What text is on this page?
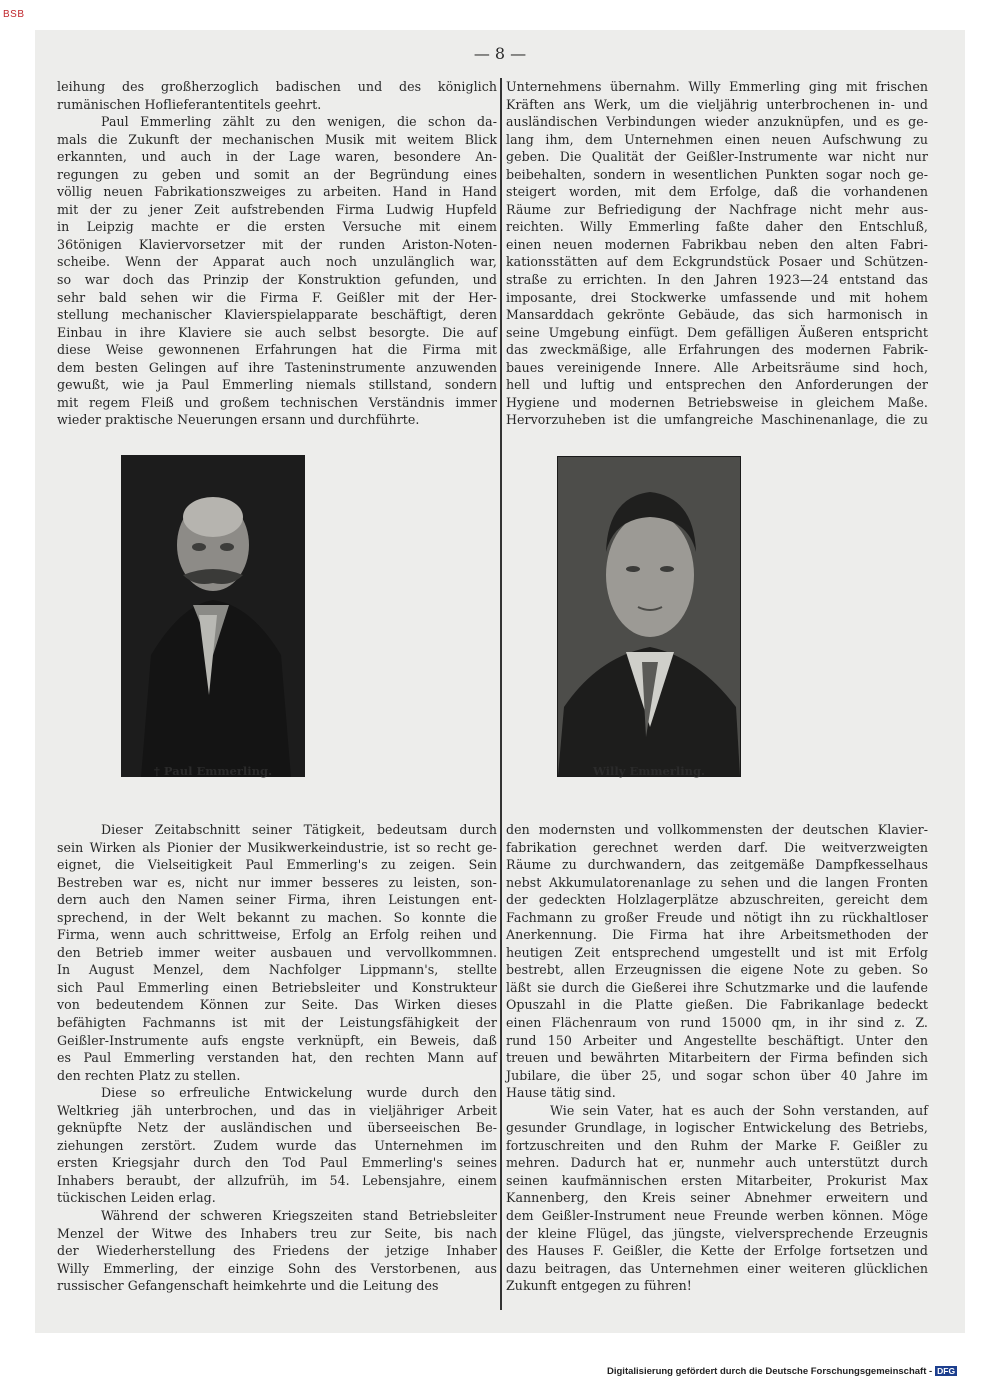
BSB
— 8 —
leihung des großherzoglich badischen und des königlich
rumänischen Hoflieferantentitels geehrt.
Paul Emmerling zählt zu den wenigen, die schon da-
mals die Zukunft der mechanischen Musik mit weitem Blick
erkannten, und auch in der Lage waren, besondere An-
regungen zu geben und somit an der Begründung eines
völlig neuen Fabrikationszweiges zu arbeiten. Hand in Hand
mit der zu jener Zeit aufstrebenden Firma Ludwig Hupfeld
in Leipzig machte er die ersten Versuche mit einem
36tönigen Klaviervorsetzer mit der runden Ariston-Noten-
scheibe. Wenn der Apparat auch noch unzulänglich war,
so war doch das Prinzip der Konstruktion gefunden, und
sehr bald sehen wir die Firma F. Geißler mit der Her-
stellung mechanischer Klavierspielapparate beschäftigt, deren
Einbau in ihre Klaviere sie auch selbst besorgte. Die auf
diese Weise gewonnenen Erfahrungen hat die Firma mit
dem besten Gelingen auf ihre Tasteninstrumente anzuwenden
gewußt, wie ja Paul Emmerling niemals stillstand, sondern
mit regem Fleiß und großem technischen Verständnis immer
wieder praktische Neuerungen ersann und durchführte.
Unternehmens übernahm. Willy Emmerling ging mit frischen
Kräften ans Werk, um die vieljährig unterbrochenen in- und
ausländischen Verbindungen wieder anzuknüpfen, und es ge-
lang ihm, dem Unternehmen einen neuen Aufschwung zu
geben. Die Qualität der Geißler-Instrumente war nicht nur
beibehalten, sondern in wesentlichen Punkten sogar noch ge-
steigert worden, mit dem Erfolge, daß die vorhandenen
Räume zur Befriedigung der Nachfrage nicht mehr aus-
reichten. Willy Emmerling faßte daher den Entschluß,
einen neuen modernen Fabrikbau neben den alten Fabri-
kationsstätten auf dem Eckgrundstück Posaer und Schützen-
straße zu errichten. In den Jahren 1923—24 entstand das
imposante, drei Stockwerke umfassende und mit hohem
Mansarddach gekrönte Gebäude, das sich harmonisch in
seine Umgebung einfügt. Dem gefälligen Äußeren entspricht
das zweckmäßige, alle Erfahrungen des modernen Fabrik-
baues vereinigende Innere. Alle Arbeitsräume sind hoch,
hell und luftig und entsprechen den Anforderungen der
Hygiene und modernen Betriebsweise in gleichem Maße.
Hervorzuheben ist die umfangreiche Maschinenanlage, die zu
Dieser Zeitabschnitt seiner Tätigkeit, bedeutsam durch
sein Wirken als Pionier der Musikwerkeindustrie, ist so recht ge-
eignet, die Vielseitigkeit Paul Emmerling's zu zeigen. Sein
Bestreben war es, nicht nur immer besseres zu leisten, son-
dern auch den Namen seiner Firma, ihren Leistungen ent-
sprechend, in der Welt bekannt zu machen. So konnte die
Firma, wenn auch schrittweise, Erfolg an Erfolg reihen und
den Betrieb immer weiter ausbauen und vervollkommnen.
In August Menzel, dem Nachfolger Lippmann's, stellte
sich Paul Emmerling einen Betriebsleiter und Konstrukteur
von bedeutendem Können zur Seite. Das Wirken dieses
befähigten Fachmanns ist mit der Leistungsfähigkeit der
Geißler-Instrumente aufs engste verknüpft, ein Beweis, daß
es Paul Emmerling verstanden hat, den rechten Mann auf
den rechten Platz zu stellen.
Diese so erfreuliche Entwickelung wurde durch den
Weltkrieg jäh unterbrochen, und das in vieljähriger Arbeit
geknüpfte Netz der ausländischen und überseeischen Be-
ziehungen zerstört. Zudem wurde das Unternehmen im
ersten Kriegsjahr durch den Tod Paul Emmerling's seines
Inhabers beraubt, der allzufrüh, im 54. Lebensjahre, einem
tückischen Leiden erlag.
Während der schweren Kriegszeiten stand Betriebsleiter
Menzel der Witwe des Inhabers treu zur Seite, bis nach
der Wiederherstellung des Friedens der jetzige Inhaber
Willy Emmerling, der einzige Sohn des Verstorbenen, aus
russischer Gefangenschaft heimkehrte und die Leitung des
den modernsten und vollkommensten der deutschen Klavier-
fabrikation gerechnet werden darf. Die weitverzweigten
Räume zu durchwandern, das zeitgemäße Dampfkesselhaus
nebst Akkumulatorenanlage zu sehen und die langen Fronten
der gedeckten Holzlagerplätze abzuschreiten, gereicht dem
Fachmann zu großer Freude und nötigt ihn zu rückhaltloser
Anerkennung. Die Firma hat ihre Arbeitsmethoden der
heutigen Zeit entsprechend umgestellt und ist mit Erfolg
bestrebt, allen Erzeugnissen die eigene Note zu geben. So
läßt sie durch die Gießerei ihre Schutzmarke und die laufende
Opuszahl in die Platte gießen. Die Fabrikanlage bedeckt
einen Flächenraum von rund 15000 qm, in ihr sind z. Z.
rund 150 Arbeiter und Angestellte beschäftigt. Unter den
treuen und bewährten Mitarbeitern der Firma befinden sich
Jubilare, die über 25, und sogar schon über 40 Jahre im
Hause tätig sind.
Wie sein Vater, hat es auch der Sohn verstanden, auf
gesunder Grundlage, in logischer Entwickelung des Betriebs,
fortzuschreiten und den Ruhm der Marke F. Geißler zu
mehren. Dadurch hat er, nunmehr auch unterstützt durch
seinen kaufmännischen ersten Mitarbeiter, Prokurist Max
Kannenberg, den Kreis seiner Abnehmer erweitern und
dem Geißler-Instrument neue Freunde werben können. Möge
der kleine Flügel, das jüngste, vielversprechende Erzeugnis
des Hauses F. Geißler, die Kette der Erfolge fortsetzen und
dazu beitragen, das Unternehmen einer weiteren glücklichen
Zukunft entgegen zu führen!
† Paul Emmerling.	Willy Emmerling.
Digitalisierung gefördert durch die Deutsche Forschungsgemeinschaft - DFG
